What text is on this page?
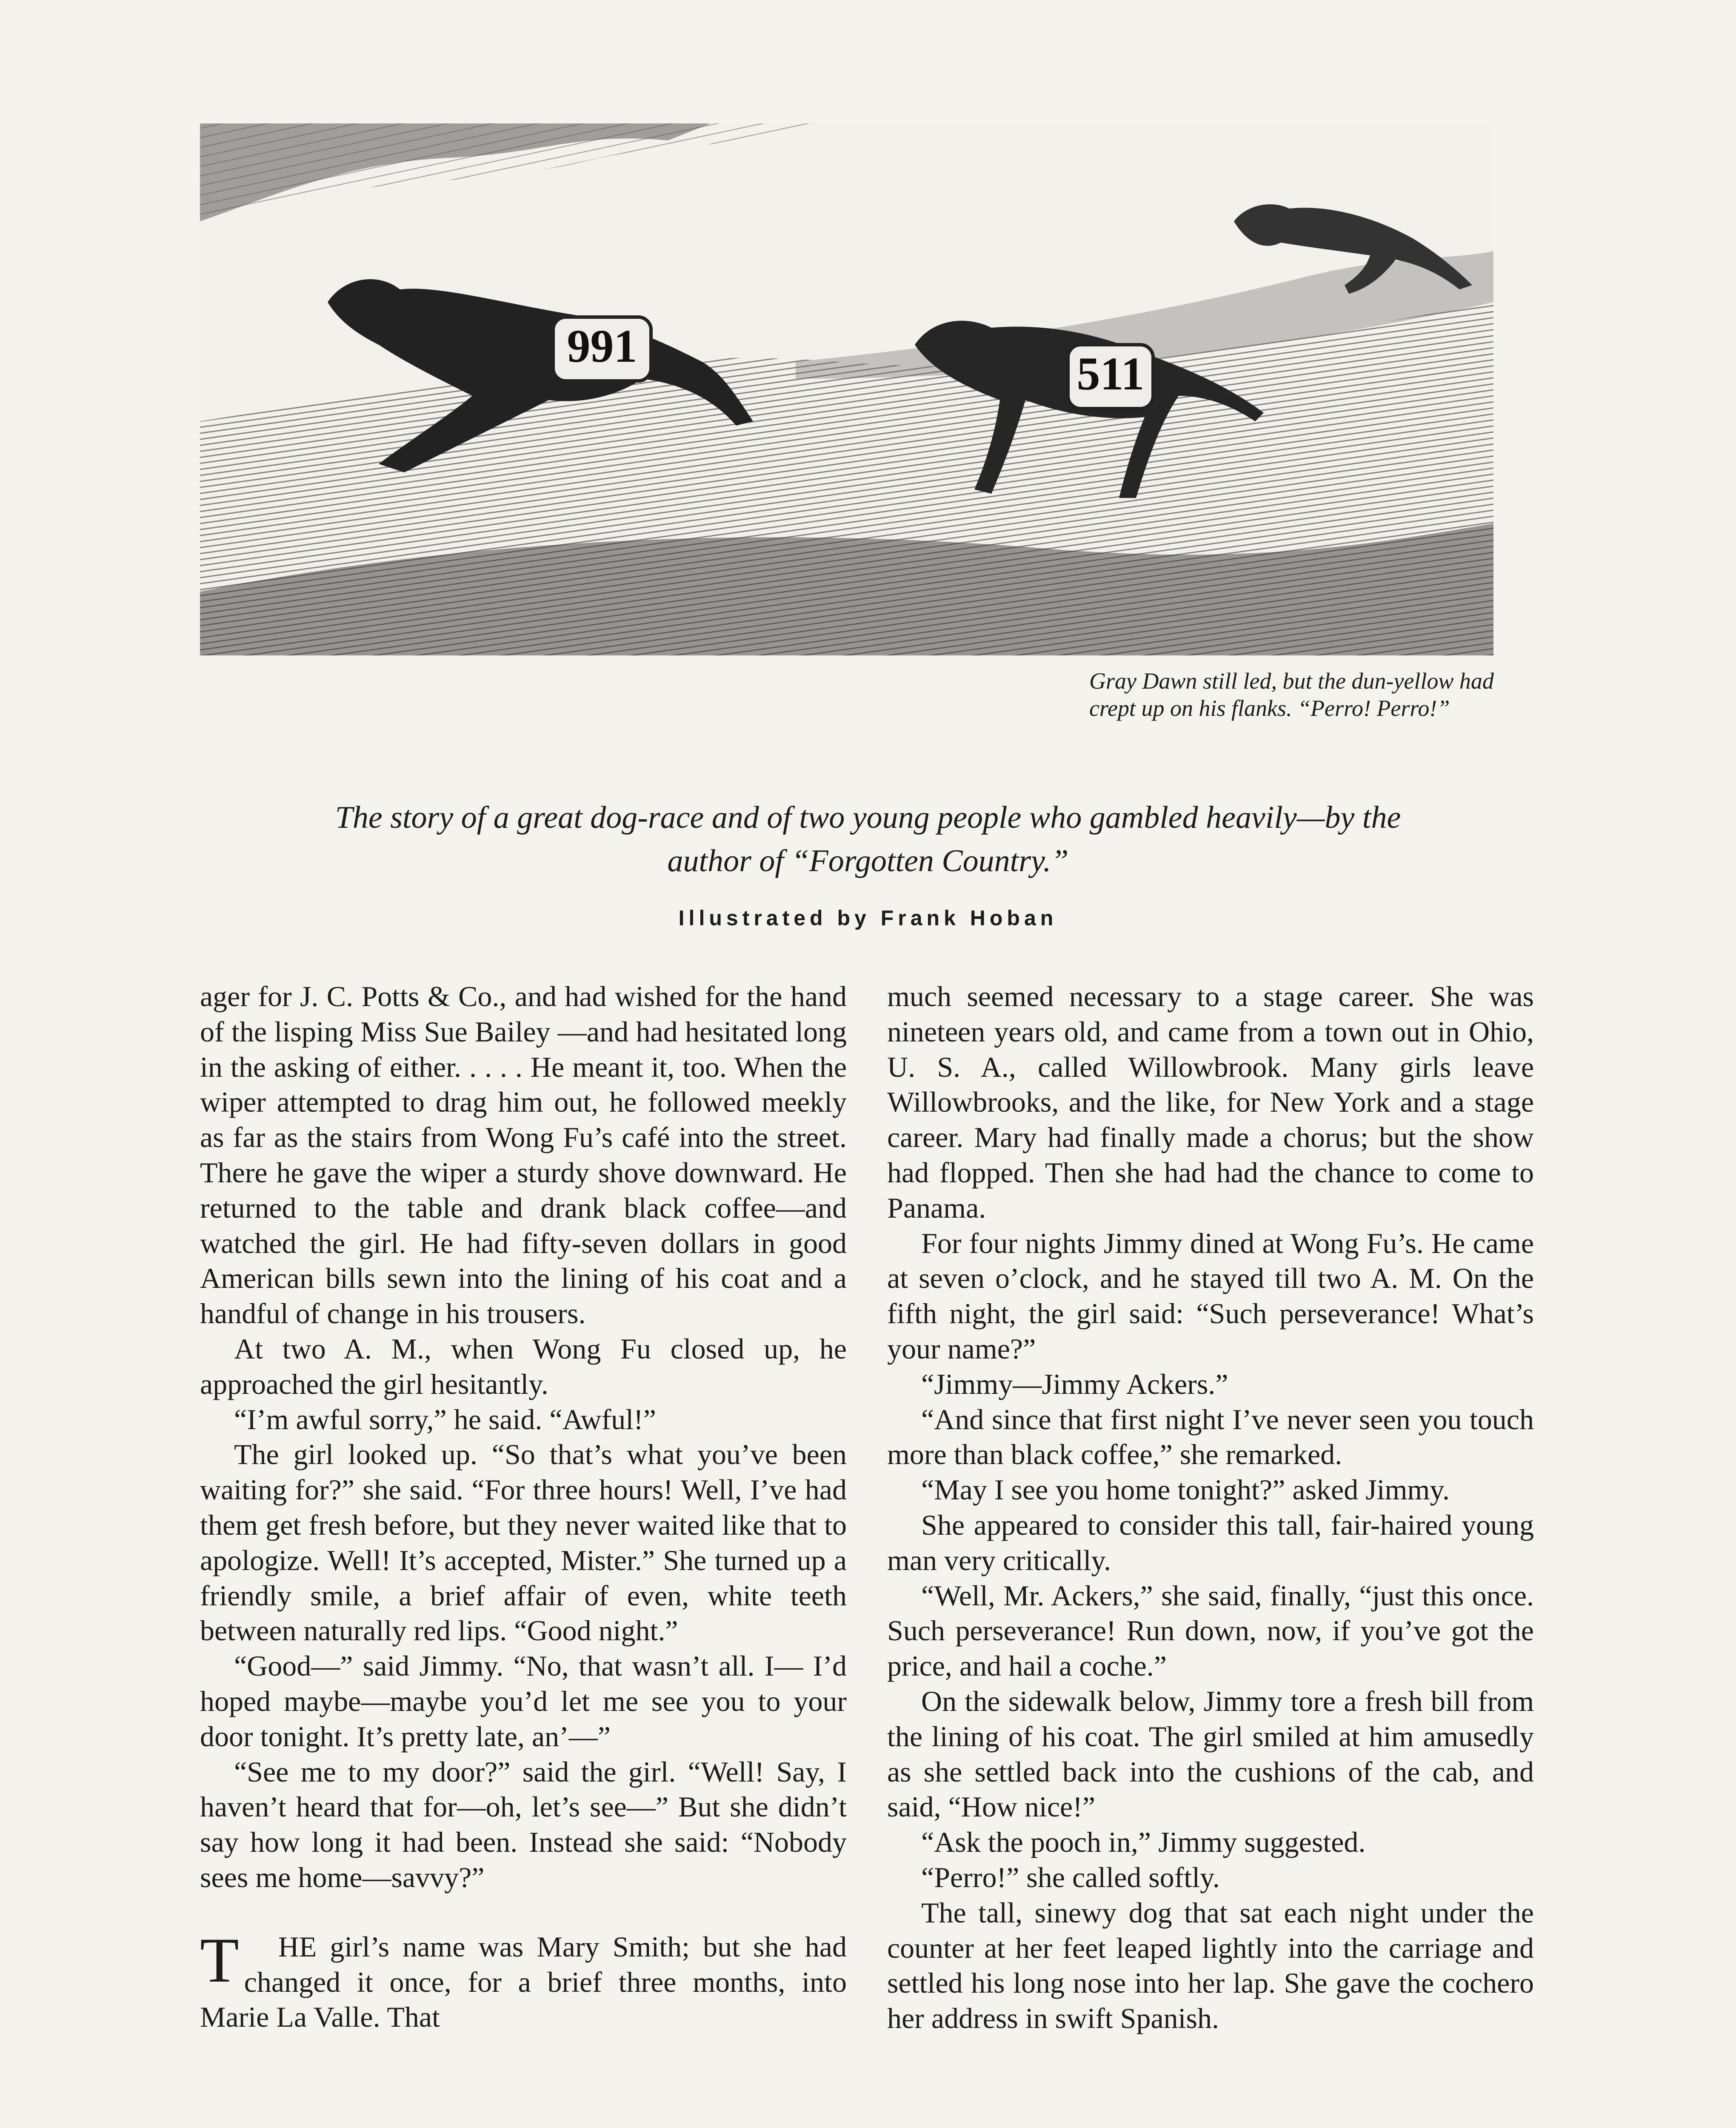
991
511

Gray Dawn still led, but the dun-yellow had crept up on his flanks. “Perro! Perro!”

The story of a great dog-race and of two young people who gambled heavily—by the author of “Forgotten Country.”

Illustrated by Frank Hoban

ager for J. C. Potts & Co., and had wished for the hand of the lisping Miss Sue Bailey —and had hesitated long in the asking of either. . . . . He meant it, too. When the wiper attempted to drag him out, he followed meekly as far as the stairs from Wong Fu’s café into the street. There he gave the wiper a sturdy shove downward. He returned to the table and drank black coffee—and watched the girl. He had fifty-seven dollars in good American bills sewn into the lining of his coat and a handful of change in his trousers.

At two A. M., when Wong Fu closed up, he approached the girl hesitantly.

“I’m awful sorry,” he said. “Awful!”

The girl looked up. “So that’s what you’ve been waiting for?” she said. “For three hours! Well, I’ve had them get fresh before, but they never waited like that to apologize. Well! It’s accepted, Mister.” She turned up a friendly smile, a brief affair of even, white teeth between naturally red lips. “Good night.”

“Good—” said Jimmy. “No, that wasn’t all. I— I’d hoped maybe—maybe you’d let me see you to your door tonight. It’s pretty late, an’—”

“See me to my door?” said the girl. “Well! Say, I haven’t heard that for—oh, let’s see—” But she didn’t say how long it had been. Instead she said: “Nobody sees me home—savvy?”

T HE girl’s name was Mary Smith; but she had changed it once, for a brief three months, into Marie La Valle. That

much seemed necessary to a stage career. She was nineteen years old, and came from a town out in Ohio, U. S. A., called Willowbrook. Many girls leave Willowbrooks, and the like, for New York and a stage career. Mary had finally made a chorus; but the show had flopped. Then she had had the chance to come to Panama.

For four nights Jimmy dined at Wong Fu’s. He came at seven o’clock, and he stayed till two A. M. On the fifth night, the girl said: “Such perseverance! What’s your name?”

“Jimmy—Jimmy Ackers.”

“And since that first night I’ve never seen you touch more than black coffee,” she remarked.

“May I see you home tonight?” asked Jimmy.

She appeared to consider this tall, fair-haired young man very critically.

“Well, Mr. Ackers,” she said, finally, “just this once. Such perseverance! Run down, now, if you’ve got the price, and hail a coche.”

On the sidewalk below, Jimmy tore a fresh bill from the lining of his coat. The girl smiled at him amusedly as she settled back into the cushions of the cab, and said, “How nice!”

“Ask the pooch in,” Jimmy suggested.

“Perro!” she called softly.

The tall, sinewy dog that sat each night under the counter at her feet leaped lightly into the carriage and settled his long nose into her lap. She gave the cochero her address in swift Spanish.
